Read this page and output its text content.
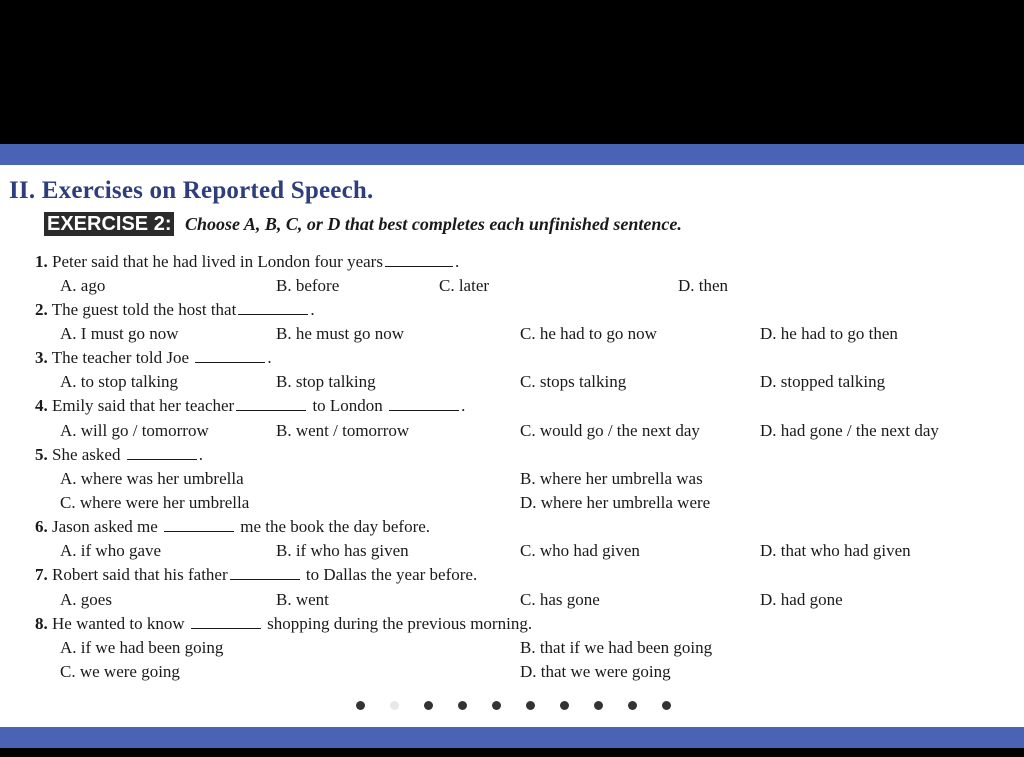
II. Exercises on Reported Speech.
EXERCISE 2: Choose A, B, C, or D that best completes each unfinished sentence.
1. Peter said that he had lived in London four years	.
A. ago	B. before	C. later	D. then
2. The guest told the host that	.
A. I must go now	B. he must go now	C. he had to go now	D. he had to go then
3. The teacher told Joe	.
A. to stop talking	B. stop talking	C. stops talking	D. stopped talking
4. Emily said that her teacher	to London	.
A. will go / tomorrow	B. went / tomorrow	C. would go / the next day	D. had gone / the next day
5. She asked	.
A. where was her umbrella	B. where her umbrella was
C. where were her umbrella	D. where her umbrella were
6. Jason asked me	me the book the day before.
A. if who gave	B. if who has given	C. who had given	D. that who had given
7. Robert said that his father	to Dallas the year before.
A. goes	B. went	C. has gone	D. had gone
8. He wanted to know	shopping during the previous morning.
A. if we had been going	B. that if we had been going
C. we were going	D. that we were going
